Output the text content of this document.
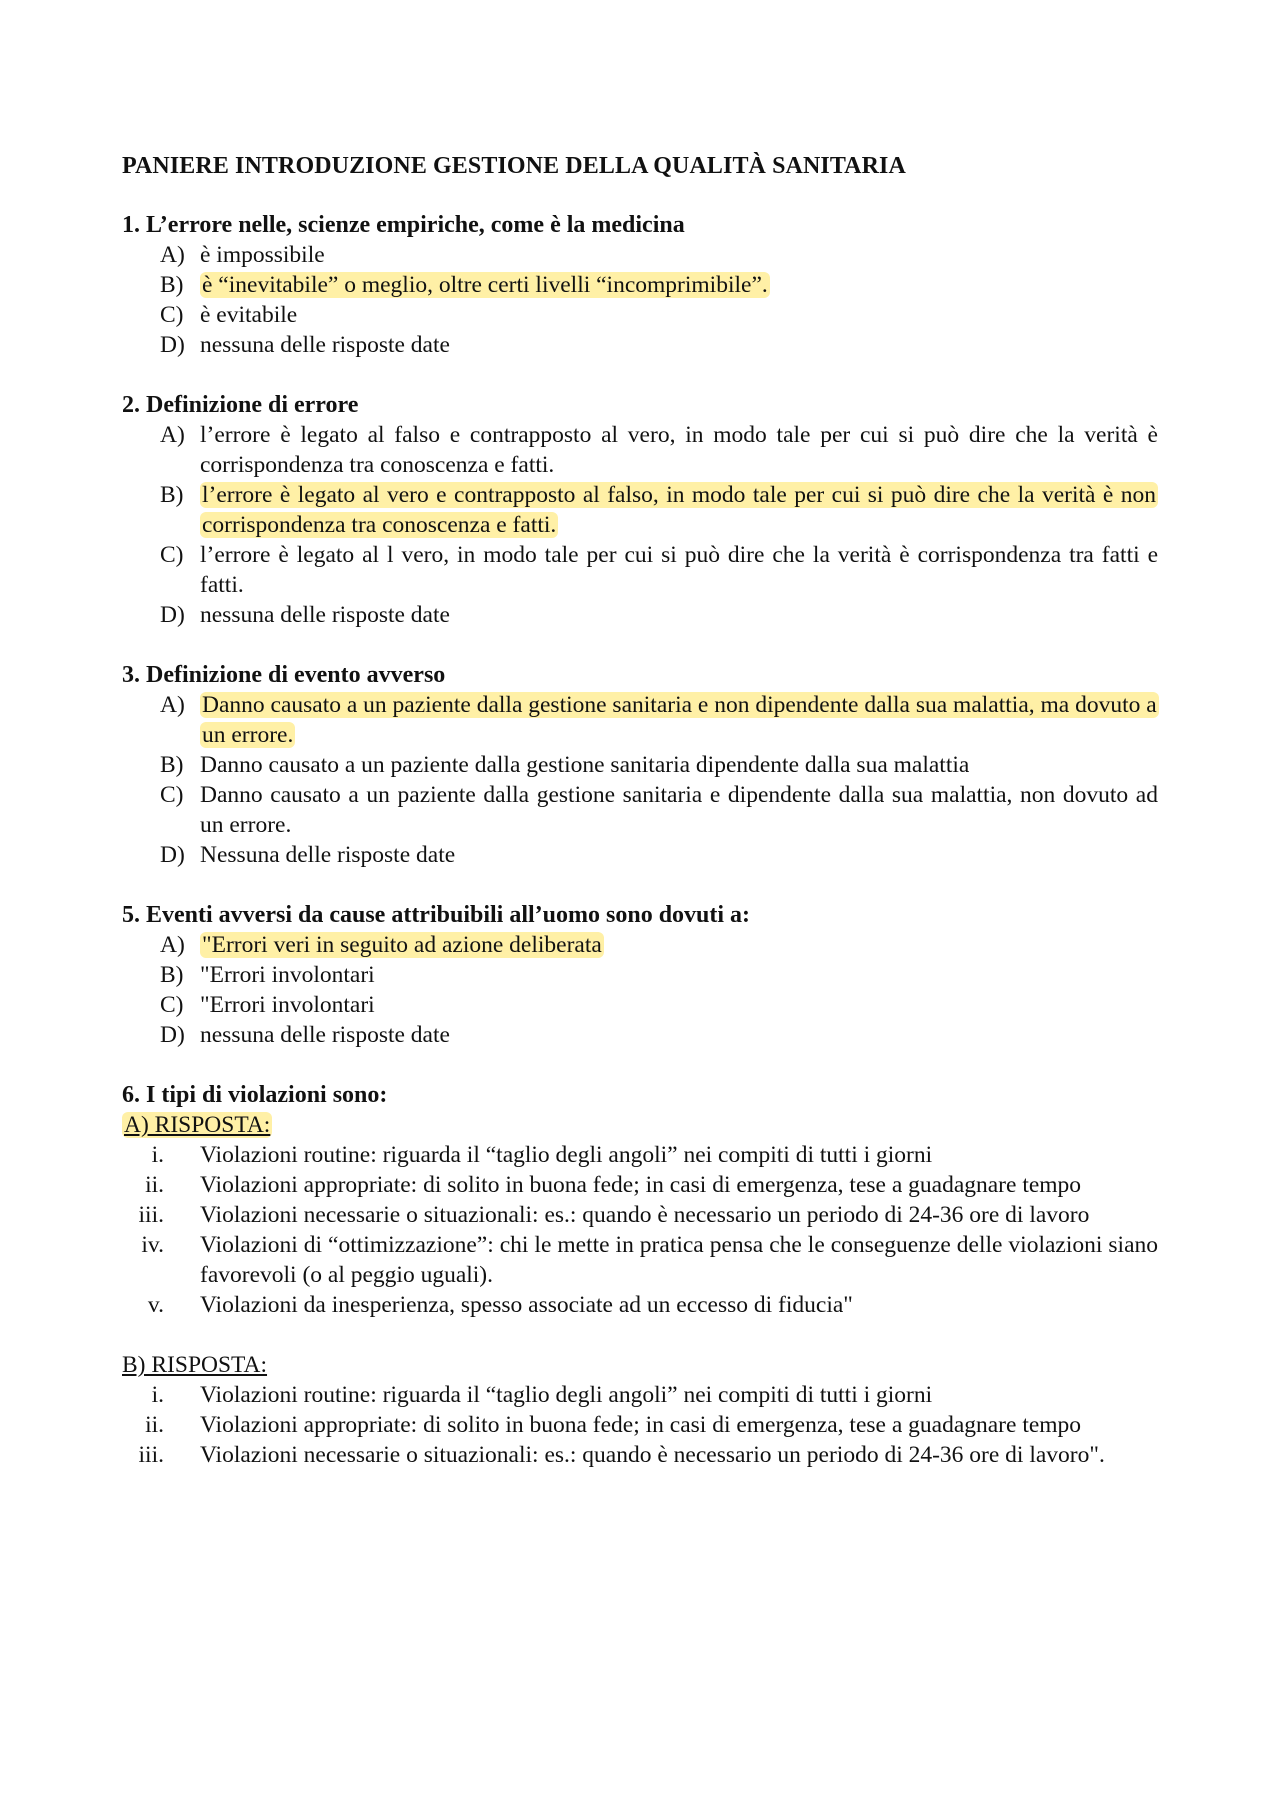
PANIERE INTRODUZIONE GESTIONE DELLA QUALITÀ SANITARIA

1. L’errore nelle, scienze empiriche, come è la medicina

A) è impossibile
B) è “inevitabile” o meglio, oltre certi livelli “incomprimibile”.
C) è evitabile
D) nessuna delle risposte date

2. Definizione di errore

A) l’errore è legato al falso e contrapposto al vero, in modo tale per cui si può dire che la verità è corrispondenza tra conoscenza e fatti.
B) l’errore è legato al vero e contrapposto al falso, in modo tale per cui si può dire che la verità è non corrispondenza tra conoscenza e fatti.
C) l’errore è legato al l vero, in modo tale per cui si può dire che la verità è corrispondenza tra fatti e fatti.
D) nessuna delle risposte date

3. Definizione di evento avverso

A) Danno causato a un paziente dalla gestione sanitaria e non dipendente dalla sua malattia, ma dovuto a un errore.
B) Danno causato a un paziente dalla gestione sanitaria dipendente dalla sua malattia
C) Danno causato a un paziente dalla gestione sanitaria e dipendente dalla sua malattia, non dovuto ad un errore.
D) Nessuna delle risposte date

5. Eventi avversi da cause attribuibili all’uomo sono dovuti a:

A) "Errori veri in seguito ad azione deliberata
B) "Errori involontari
C) "Errori involontari
D) nessuna delle risposte date

6. I tipi di violazioni sono:

A) RISPOSTA:

i. Violazioni routine: riguarda il “taglio degli angoli” nei compiti di tutti i giorni
ii. Violazioni appropriate: di solito in buona fede; in casi di emergenza, tese a guadagnare tempo
iii. Violazioni necessarie o situazionali: es.: quando è necessario un periodo di 24-36 ore di lavoro
iv. Violazioni di “ottimizzazione”: chi le mette in pratica pensa che le conseguenze delle violazioni siano favorevoli (o al peggio uguali).
v. Violazioni da inesperienza, spesso associate ad un eccesso di fiducia"

B) RISPOSTA:

i. Violazioni routine: riguarda il “taglio degli angoli” nei compiti di tutti i giorni
ii. Violazioni appropriate: di solito in buona fede; in casi di emergenza, tese a guadagnare tempo
iii. Violazioni necessarie o situazionali: es.: quando è necessario un periodo di 24-36 ore di lavoro".
